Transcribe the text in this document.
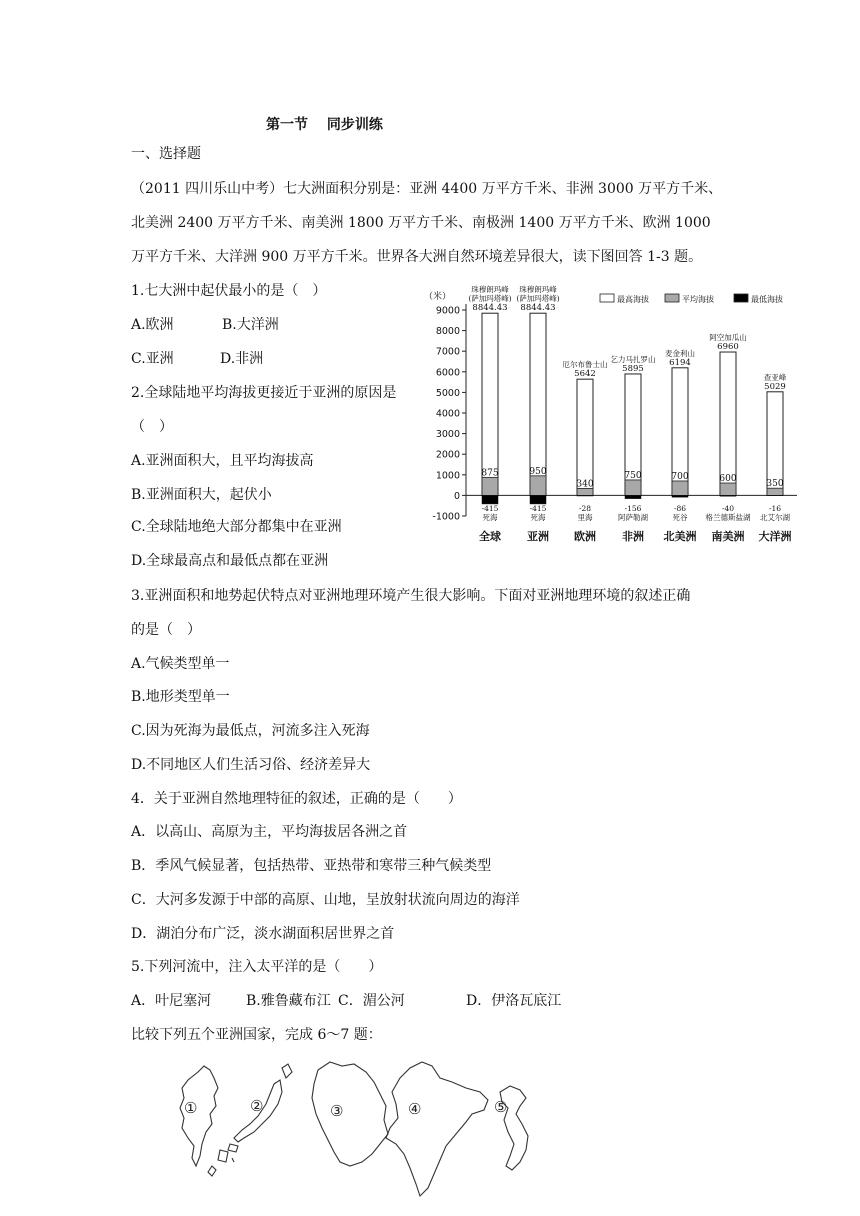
第一节　 同步训练
一、选择题
（2011 四川乐山中考）七大洲面积分别是：亚洲 4400 万平方千米、非洲 3000 万平方千米、
北美洲 2400 万平方千米、南美洲 1800 万平方千米、南极洲 1400 万平方千米、欧洲 1000
万平方千米、大洋洲 900 万平方千米。世界各大洲自然环境差异很大，读下图回答 1-3 题。
1.七大洲中起伏最小的是（　）
A.欧洲	B.大洋洲
C.亚洲	D.非洲
2.全球陆地平均海拔更接近于亚洲的原因是
（　）
A.亚洲面积大，且平均海拔高
B.亚洲面积大，起伏小
C.全球陆地绝大部分都集中在亚洲
D.全球最高点和最低点都在亚洲
3.亚洲面积和地势起伏特点对亚洲地理环境产生很大影响。下面对亚洲地理环境的叙述正确
的是（　）
A.气候类型单一
B.地形类型单一
C.因为死海为最低点，河流多注入死海
D.不同地区人们生活习俗、经济差异大
4．关于亚洲自然地理特征的叙述，正确的是（　　）
A．以高山、高原为主，平均海拔居各洲之首
B．季风气候显著，包括热带、亚热带和寒带三种气候类型
C．大河多发源于中部的高原、山地，呈放射状流向周边的海洋
D．湖泊分布广泛，淡水湖面积居世界之首
5.下列河流中，注入太平洋的是（　　）
A．叶尼塞河 B.雅鲁藏布江 C．湄公河	D．伊洛瓦底江
比较下列五个亚洲国家，完成 6～7 题：
（米）
9000
8000
7000
6000
5000
4000
3000
2000
1000
0
-1000
最高海拔	平均海拔	最低海拔
875
8844.43
(萨加玛塔峰)
珠穆朗玛峰
-415
死海
全球
950
8844.43
(萨加玛塔峰)
珠穆朗玛峰
-415
死海
亚洲
340
5642
厄尔布鲁士山
-28
里海
欧洲
750
5895
乞力马扎罗山
-156
阿萨勒湖
非洲
700
6194
麦金利山
-86
死谷
北美洲
600
6960
阿空加瓜山
-40
格兰德斯盐湖
南美洲
350
5029
查亚峰
-16
北艾尔湖
大洋洲
①	②	③	④	⑤
